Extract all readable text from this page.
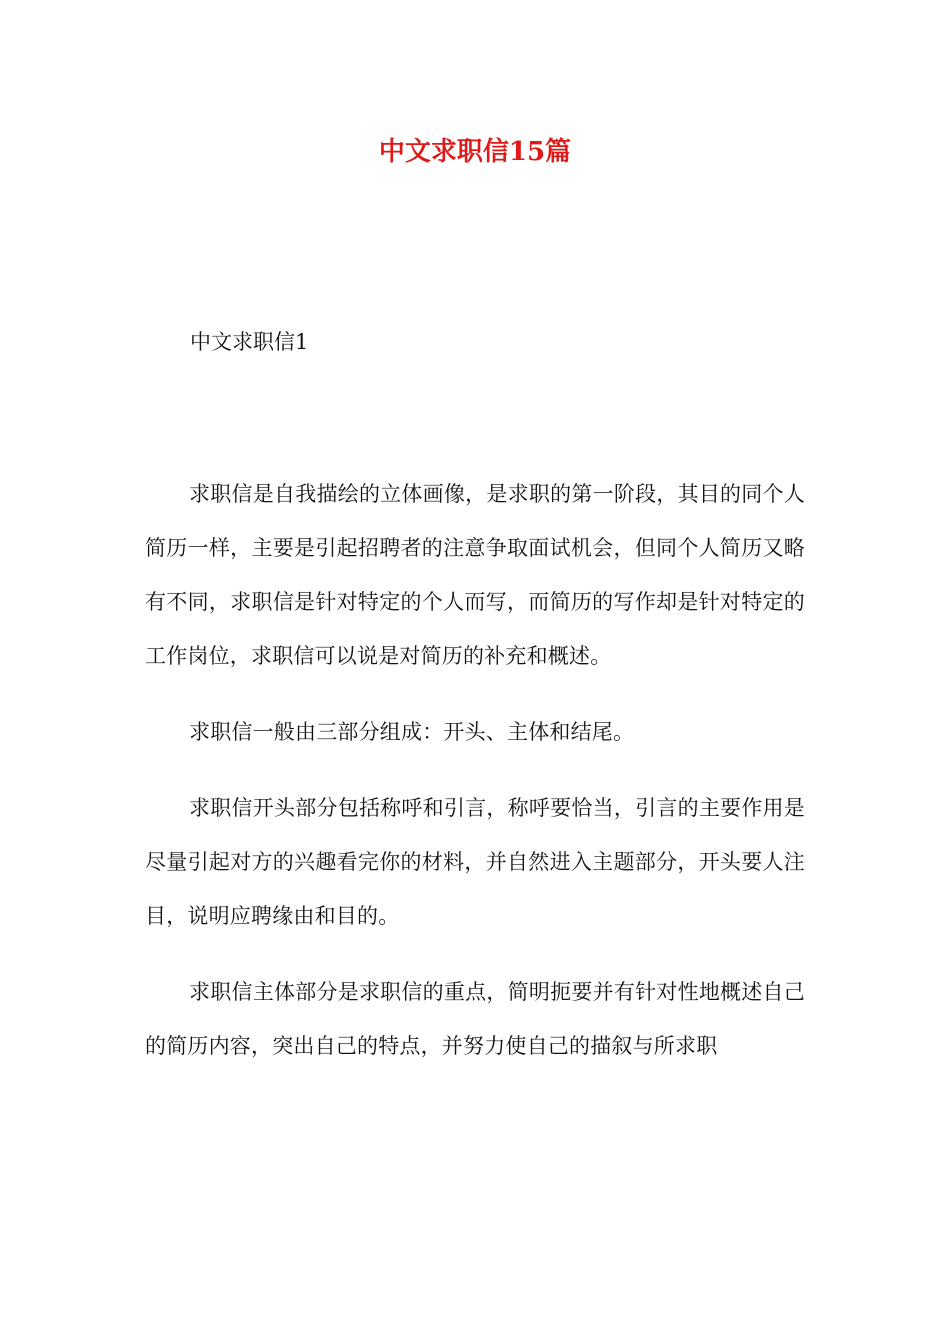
中文求职信15篇
中文求职信1

求职信是自我描绘的立体画像，是求职的第一阶段，其目的同个人简历一样，主要是引起招聘者的注意争取面试机会，但同个人简历又略有不同，求职信是针对特定的个人而写，而简历的写作却是针对特定的工作岗位，求职信可以说是对简历的补充和概述。

求职信一般由三部分组成：开头、主体和结尾。

求职信开头部分包括称呼和引言，称呼要恰当，引言的主要作用是尽量引起对方的兴趣看完你的材料，并自然进入主题部分，开头要人注目，说明应聘缘由和目的。

求职信主体部分是求职信的重点，简明扼要并有针对性地概述自己的简历内容，突出自己的特点，并努力使自己的描叙与所求职
